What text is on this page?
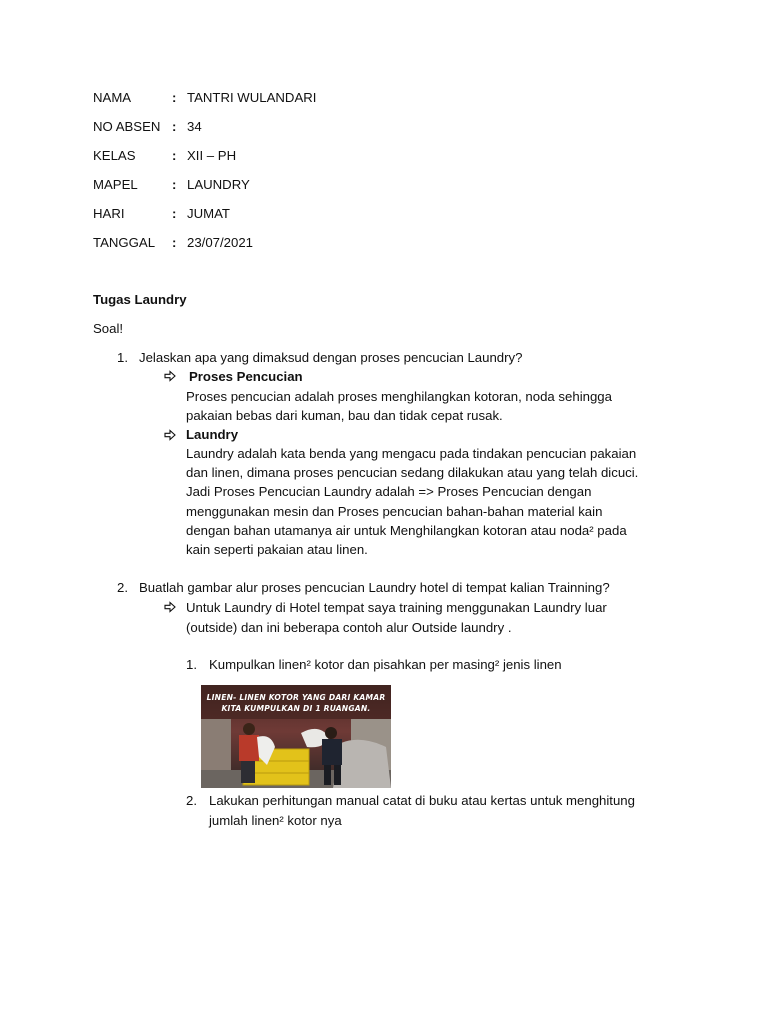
NAMA	: TANTRI WULANDARI
NO ABSEN : 34
KELAS	: XII – PH
MAPEL	: LAUNDRY
HARI	: JUMAT
TANGGAL : 23/07/2021
Tugas Laundry
Soal!
1. Jelaskan apa yang dimaksud dengan proses pencucian Laundry?
Proses Pencucian
Proses pencucian adalah proses menghilangkan kotoran, noda sehingga
pakaian bebas dari kuman, bau dan tidak cepat rusak.
Laundry
Laundry adalah kata benda yang mengacu pada tindakan pencucian pakaian
dan linen, dimana proses pencucian sedang dilakukan atau yang telah dicuci.
Jadi Proses Pencucian Laundry adalah => Proses Pencucian dengan
menggunakan mesin dan Proses pencucian bahan-bahan material kain
dengan bahan utamanya air untuk Menghilangkan kotoran atau noda² pada
kain seperti pakaian atau linen.
2. Buatlah gambar alur proses pencucian Laundry hotel di tempat kalian Trainning?
Untuk Laundry di Hotel tempat saya training menggunakan Laundry luar
(outside) dan ini beberapa contoh alur Outside laundry .
1. Kumpulkan linen² kotor dan pisahkan per masing² jenis linen
LINEN- LINEN KOTOR YANG DARI KAMAR
KITA KUMPULKAN DI 1 RUANGAN.
2. Lakukan perhitungan manual catat di buku atau kertas untuk menghitung
jumlah linen² kotor nya
